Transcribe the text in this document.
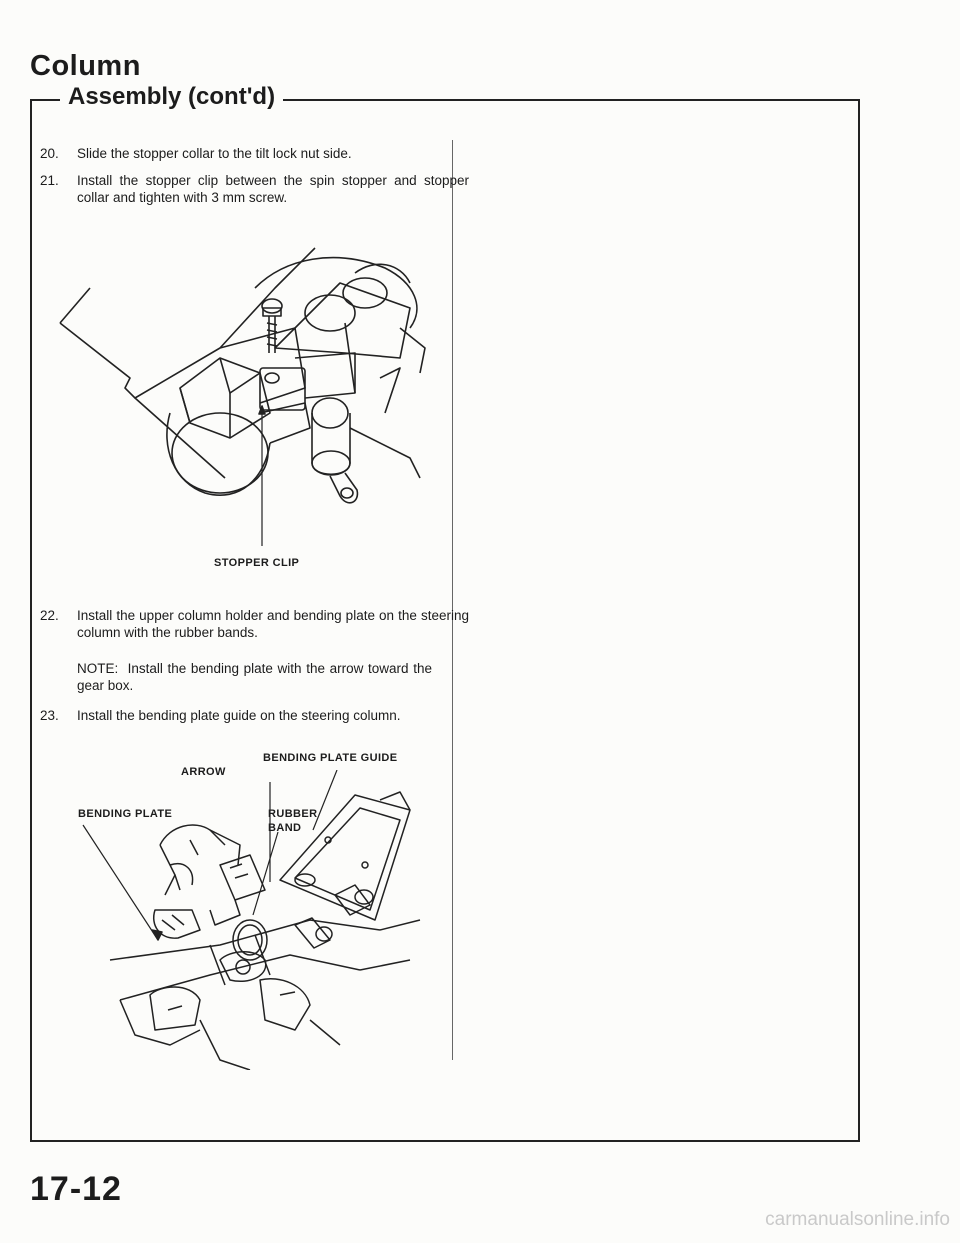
Column
Assembly (cont'd)
20.	Slide the stopper collar to the tilt lock nut side.
21.	Install the stopper clip between the spin stopper and stopper collar and tighten with 3 mm screw.
STOPPER CLIP
22.	Install the upper column holder and bending plate on the steering column with the rubber bands.
NOTE: Install the bending plate with the arrow toward the gear box.
23.	Install the bending plate guide on the steering column.
BENDING PLATE GUIDE
ARROW
BENDING PLATE	RUBBER
BAND

17-12

carmanualsonline.info
